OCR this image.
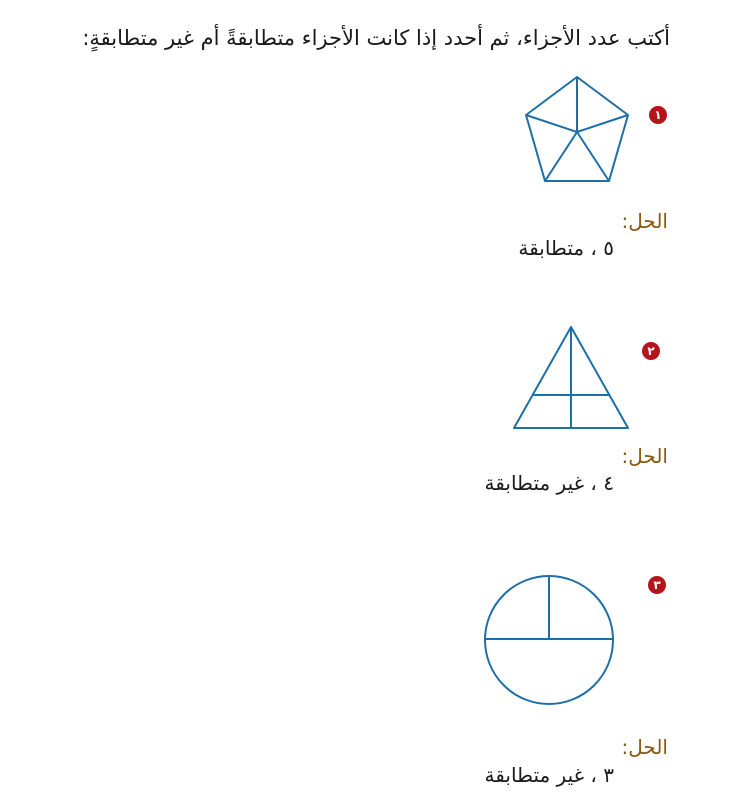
أكتب عدد الأجزاء، ثم أحدد إذا كانت الأجزاء متطابقةً أم غير متطابقةٍ:
١
الحل:
٥ ، متطابقة
٢
الحل:
٤ ، غير متطابقة
٣
الحل:
٣ ، غير متطابقة
